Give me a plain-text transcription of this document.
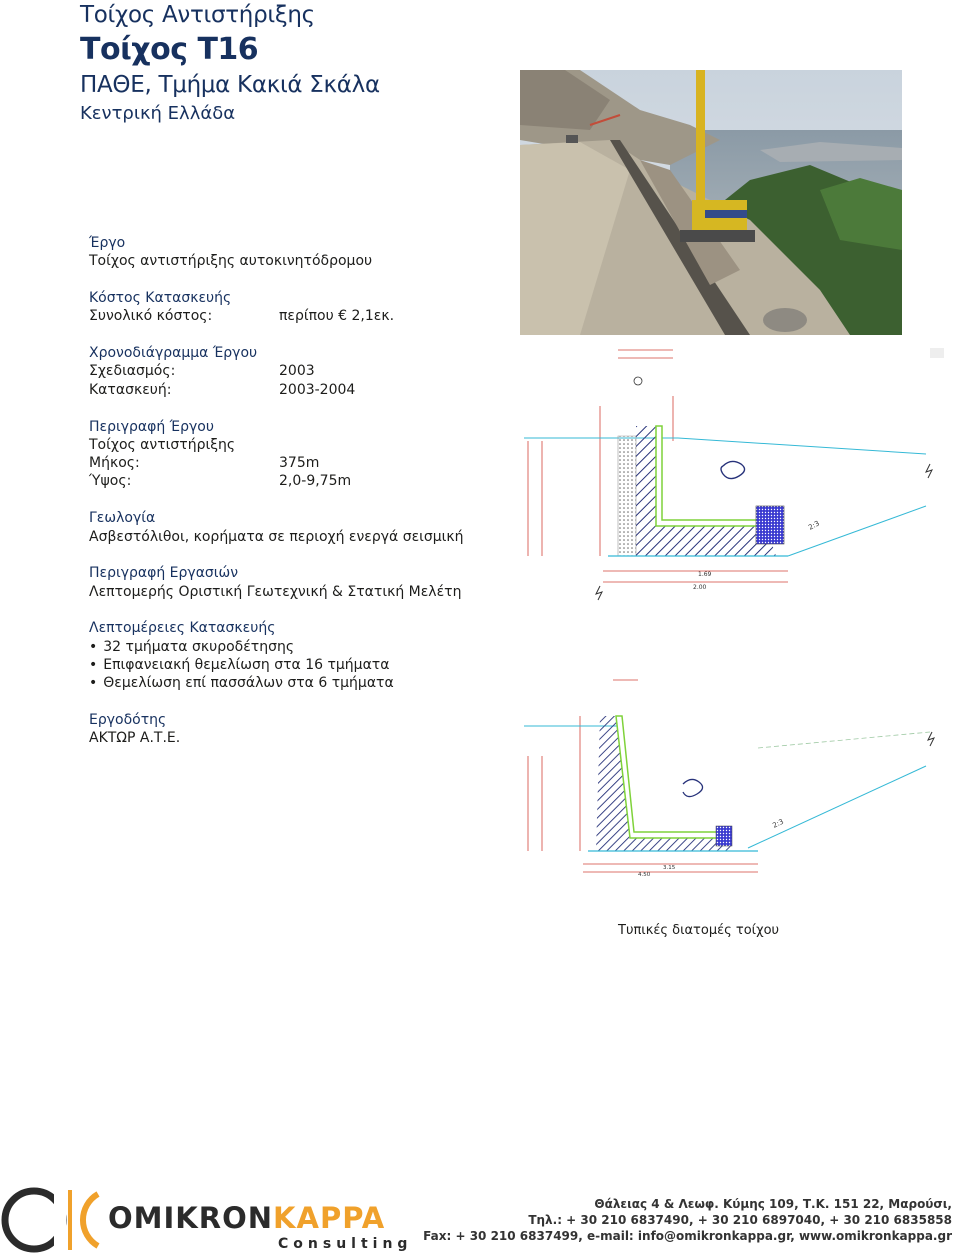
Τοίχος Αντιστήριξης
Τοίχος Τ16
ΠΑΘΕ, Τμήμα Κακιά Σκάλα
Κεντρική Ελλάδα
Έργο
Τοίχος αντιστήριξης αυτοκινητόδρομου
Κόστος Κατασκευής
Συνολικό κόστος:	περίπου € 2,1εκ.
Χρονοδιάγραμμα Έργου
Σχεδιασμός:	2003
Κατασκευή:	2003-2004
Περιγραφή Έργου
Τοίχος αντιστήριξης
Μήκος:	375m
Ύψος:	2,0-9,75m
Γεωλογία
Ασβεστόλιθοι, κορήματα σε περιοχή ενεργά σεισμική
Περιγραφή Εργασιών
Λεπτομερής Οριστική Γεωτεχνική & Στατική Μελέτη
Λεπτομέρειες Κατασκευής
• 32 τμήματα σκυροδέτησης
• Επιφανειακή θεμελίωση στα 16 τμήματα
• Θεμελίωση επί πασσάλων στα 6 τμήματα
Εργοδότης
ΑΚΤΩΡ Α.Τ.Ε.
2:3
1.69
2.00
2:3
3.15
4.50
Τυπικές διατομές τοίχου
OMIKRONKAPPA
Consulting
Θάλειας 4 & Λεωφ. Κύμης 109, Τ.Κ. 151 22, Μαρούσι,
Τηλ.: + 30 210 6837490, + 30 210 6897040, + 30 210 6835858
Fax: + 30 210 6837499, e-mail: info@omikronkappa.gr, www.omikronkappa.gr
